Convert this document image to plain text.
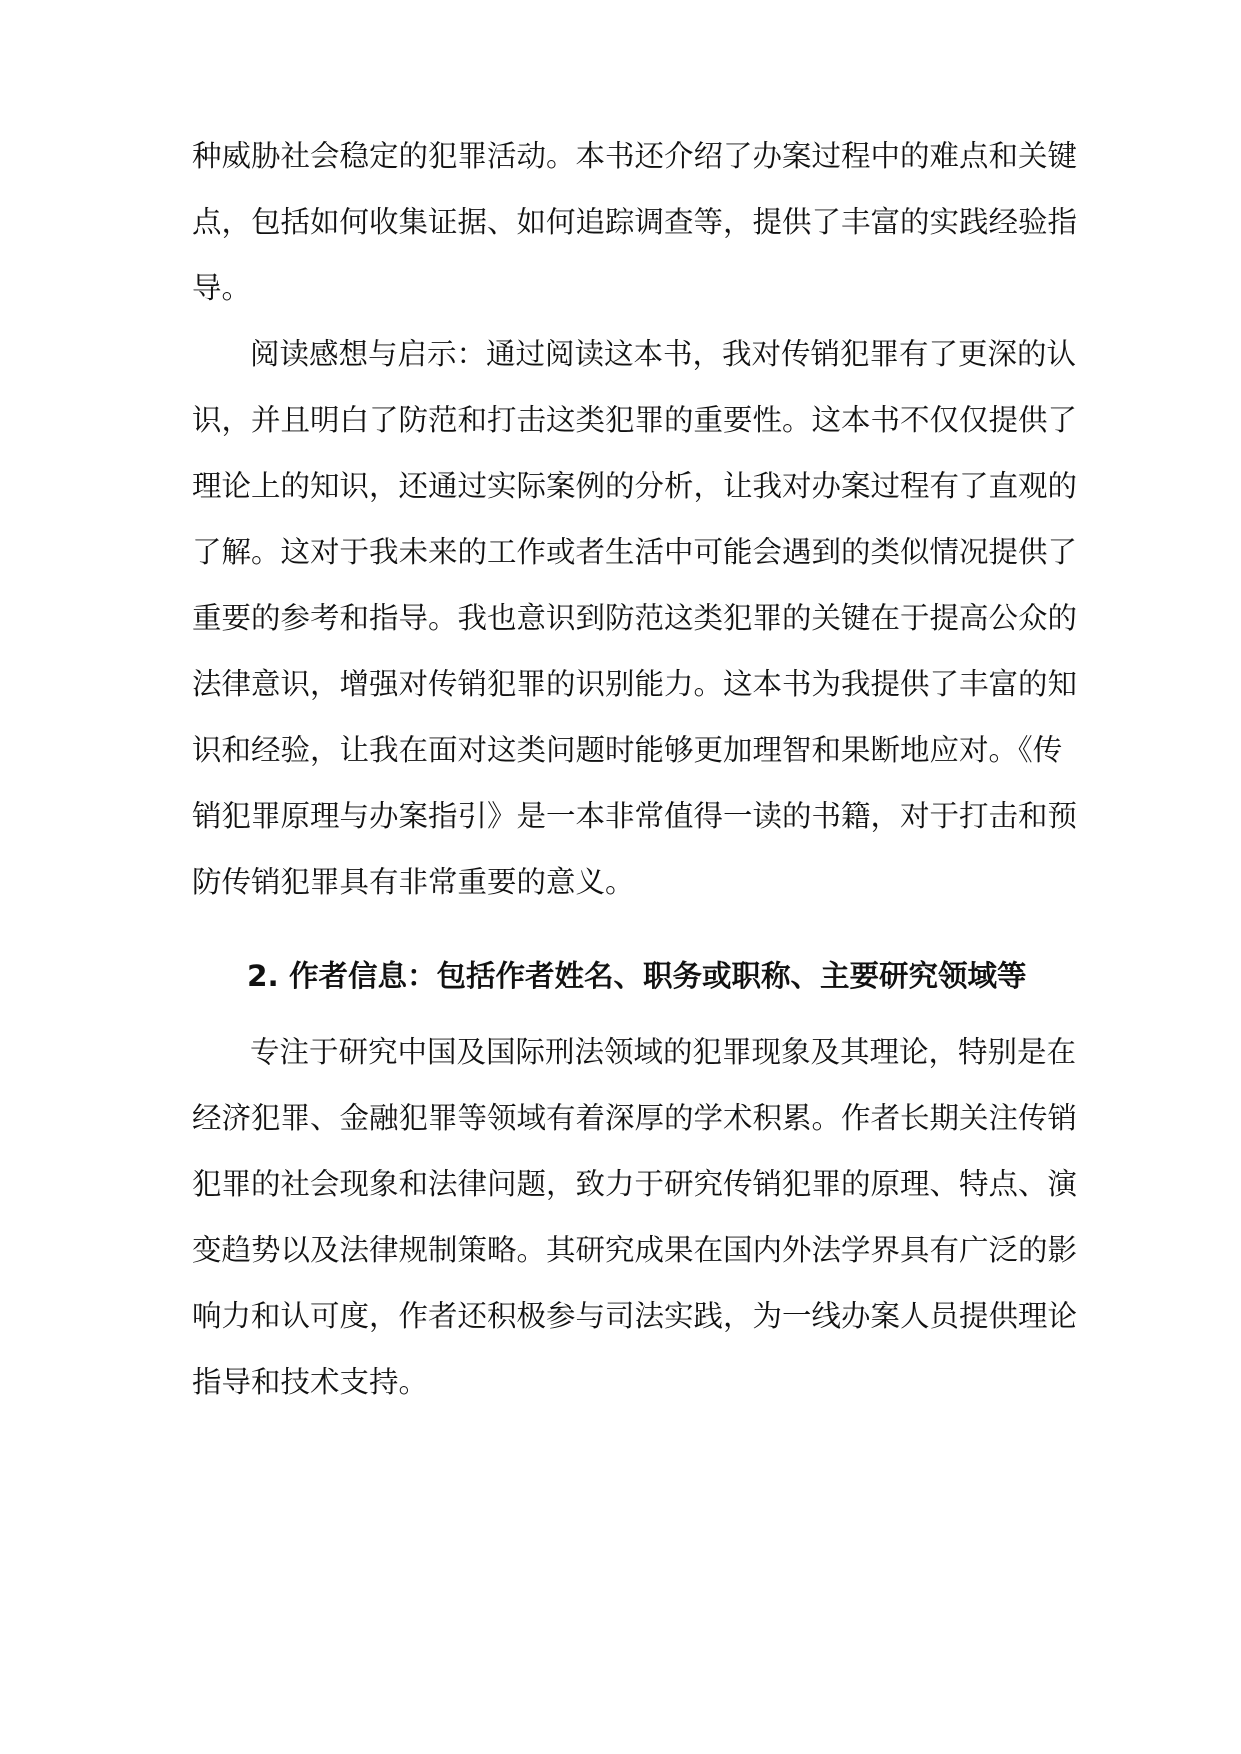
种威胁社会稳定的犯罪活动。本书还介绍了办案过程中的难点和关键
点，包括如何收集证据、如何追踪调查等，提供了丰富的实践经验指
导。
阅读感想与启示：通过阅读这本书，我对传销犯罪有了更深的认
识，并且明白了防范和打击这类犯罪的重要性。这本书不仅仅提供了
理论上的知识，还通过实际案例的分析，让我对办案过程有了直观的
了解。这对于我未来的工作或者生活中可能会遇到的类似情况提供了
重要的参考和指导。我也意识到防范这类犯罪的关键在于提高公众的
法律意识，增强对传销犯罪的识别能力。这本书为我提供了丰富的知
识和经验，让我在面对这类问题时能够更加理智和果断地应对。《传
销犯罪原理与办案指引》是一本非常值得一读的书籍，对于打击和预
防传销犯罪具有非常重要的意义。
2. 作者信息：包括作者姓名、职务或职称、主要研究领域等
专注于研究中国及国际刑法领域的犯罪现象及其理论，特别是在
经济犯罪、金融犯罪等领域有着深厚的学术积累。作者长期关注传销
犯罪的社会现象和法律问题，致力于研究传销犯罪的原理、特点、演
变趋势以及法律规制策略。其研究成果在国内外法学界具有广泛的影
响力和认可度，作者还积极参与司法实践，为一线办案人员提供理论
指导和技术支持。
